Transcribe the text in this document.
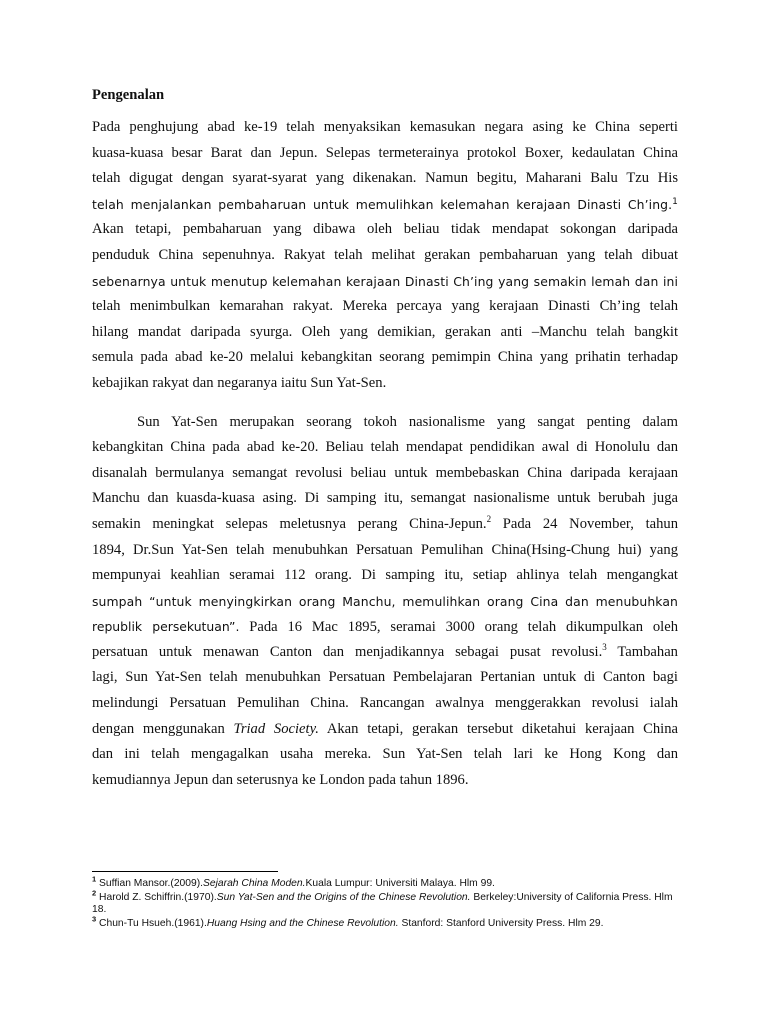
Pengenalan
Pada penghujung abad ke-19 telah menyaksikan kemasukan negara asing ke China seperti
kuasa-kuasa besar Barat dan Jepun. Selepas termeterainya protokol Boxer, kedaulatan China
telah digugat dengan syarat-syarat yang dikenakan. Namun begitu, Maharani Balu Tzu His
telah menjalankan pembaharuan untuk memulihkan kelemahan kerajaan Dinasti Ch’ing.$^1$
Akan tetapi, pembaharuan yang dibawa oleh beliau tidak mendapat sokongan daripada
penduduk China sepenuhnya. Rakyat telah melihat gerakan pembaharuan yang telah dibuat
sebenarnya untuk menutup kelemahan kerajaan Dinasti Ch’ing yang semakin lemah dan ini
telah menimbulkan kemarahan rakyat. Mereka percaya yang kerajaan Dinasti Ch’ing telah
hilang mandat daripada syurga. Oleh yang demikian, gerakan anti –Manchu telah bangkit
semula pada abad ke-20 melalui kebangkitan seorang pemimpin China yang prihatin terhadap
kebajikan rakyat dan negaranya iaitu Sun Yat-Sen.
Sun Yat-Sen merupakan seorang tokoh nasionalisme yang sangat penting dalam
kebangkitan China pada abad ke-20. Beliau telah mendapat pendidikan awal di Honolulu dan
disanalah bermulanya semangat revolusi beliau untuk membebaskan China daripada kerajaan
Manchu dan kuasda-kuasa asing. Di samping itu, semangat nasionalisme untuk berubah juga
semakin meningkat selepas meletusnya perang China-Jepun.$^2$ Pada 24 November, tahun
1894, Dr.Sun Yat-Sen telah menubuhkan Persatuan Pemulihan China(Hsing-Chung hui) yang
mempunyai keahlian seramai 112 orang. Di samping itu, setiap ahlinya telah mengangkat
sumpah “untuk menyingkirkan orang Manchu, memulihkan orang Cina dan menubuhkan
republik persekutuan”. Pada 16 Mac 1895, seramai 3000 orang telah dikumpulkan oleh
persatuan untuk menawan Canton dan menjadikannya sebagai pusat revolusi.$^3$ Tambahan
lagi, Sun Yat-Sen telah menubuhkan Persatuan Pembelajaran Pertanian untuk di Canton bagi
melindungi Persatuan Pemulihan China. Rancangan awalnya menggerakkan revolusi ialah
dengan menggunakan Triad Society. Akan tetapi, gerakan tersebut diketahui kerajaan China
dan ini telah mengagalkan usaha mereka. Sun Yat-Sen telah lari ke Hong Kong dan
kemudiannya Jepun dan seterusnya ke London pada tahun 1896.
$^1$ Suffian Mansor.(2009).Sejarah China Moden.Kuala Lumpur: Universiti Malaya. Hlm 99.
$^2$ Harold Z. Schiffrin.(1970).Sun Yat-Sen and the Origins of the Chinese Revolution. Berkeley:University of California Press. Hlm 18.
$^3$ Chun-Tu Hsueh.(1961).Huang Hsing and the Chinese Revolution. Stanford: Stanford University Press. Hlm 29.
